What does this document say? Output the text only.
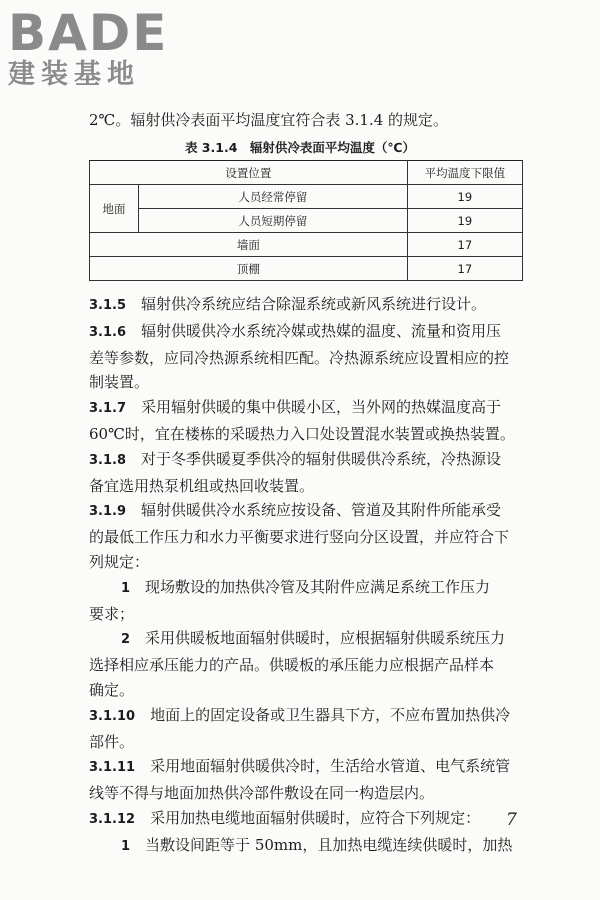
BADE
建装基地
2℃。辐射供冷表面平均温度宜符合表 3.1.4 的规定。
表 3.1.4　辐射供冷表面平均温度（℃）
设置位置		平均温度下限值
地面	人员经常停留	19
	人员短期停留	19
墙面		17
顶棚		17
3.1.5  辐射供冷系统应结合除湿系统或新风系统进行设计。
3.1.6  辐射供暖供冷水系统冷媒或热媒的温度、流量和资用压
差等参数，应同冷热源系统相匹配。冷热源系统应设置相应的控
制装置。
3.1.7  采用辐射供暖的集中供暖小区，当外网的热媒温度高于
60℃时，宜在楼栋的采暖热力入口处设置混水装置或换热装置。
3.1.8  对于冬季供暖夏季供冷的辐射供暖供冷系统，冷热源设
备宜选用热泵机组或热回收装置。
3.1.9  辐射供暖供冷水系统应按设备、管道及其附件所能承受
的最低工作压力和水力平衡要求进行竖向分区设置，并应符合下
列规定：
1  现场敷设的加热供冷管及其附件应满足系统工作压力
要求；
2  采用供暖板地面辐射供暖时，应根据辐射供暖系统压力
选择相应承压能力的产品。供暖板的承压能力应根据产品样本
确定。
3.1.10  地面上的固定设备或卫生器具下方，不应布置加热供冷
部件。
3.1.11  采用地面辐射供暖供冷时，生活给水管道、电气系统管
线等不得与地面加热供冷部件敷设在同一构造层内。
3.1.12  采用加热电缆地面辐射供暖时，应符合下列规定：
1  当敷设间距等于 50mm，且加热电缆连续供暖时，加热
7
